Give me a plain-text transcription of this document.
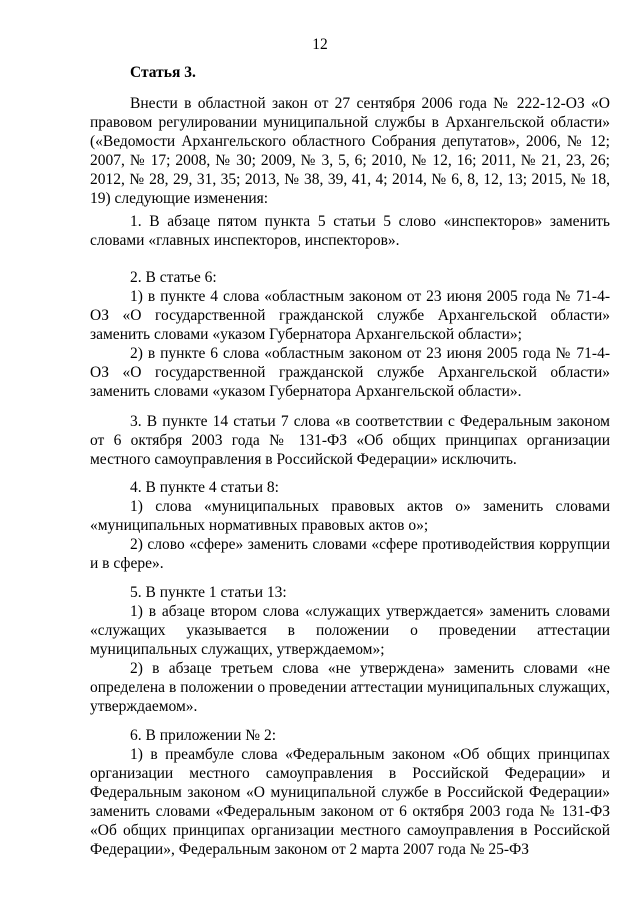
12
Статья 3.

Внести в областной закон от 27 сентября 2006 года № 222-12-ОЗ «О правовом регулировании муниципальной службы в Архангельской области» («Ведомости Архангельского областного Собрания депутатов», 2006, № 12; 2007, № 17; 2008, № 30; 2009, № 3, 5, 6; 2010, № 12, 16; 2011, № 21, 23, 26; 2012, № 28, 29, 31, 35; 2013, № 38, 39, 41, 4; 2014, № 6, 8, 12, 13; 2015, № 18, 19) следующие изменения:

1. В абзаце пятом пункта 5 статьи 5 слово «инспекторов» заменить словами «главных инспекторов, инспекторов».

2. В статье 6:

1) в пункте 4 слова «областным законом от 23 июня 2005 года № 71-4-ОЗ «О государственной гражданской службе Архангельской области» заменить словами «указом Губернатора Архангельской области»;

2) в пункте 6 слова «областным законом от 23 июня 2005 года № 71-4-ОЗ «О государственной гражданской службе Архангельской области» заменить словами «указом Губернатора Архангельской области».

3. В пункте 14 статьи 7 слова «в соответствии с Федеральным законом от 6 октября 2003 года № 131-ФЗ «Об общих принципах организации местного самоуправления в Российской Федерации» исключить.

4. В пункте 4 статьи 8:

1) слова «муниципальных правовых актов о» заменить словами «муниципальных нормативных правовых актов о»;

2) слово «сфере» заменить словами «сфере противодействия коррупции и в сфере».

5. В пункте 1 статьи 13:

1) в абзаце втором слова «служащих утверждается» заменить словами «служащих указывается в положении о проведении аттестации муниципальных служащих, утверждаемом»;

2) в абзаце третьем слова «не утверждена» заменить словами «не определена в положении о проведении аттестации муниципальных служащих, утверждаемом».

6. В приложении № 2:

1) в преамбуле слова «Федеральным законом «Об общих принципах организации местного самоуправления в Российской Федерации» и Федеральным законом «О муниципальной службе в Российской Федерации» заменить словами «Федеральным законом от 6 октября 2003 года № 131-ФЗ «Об общих принципах организации местного самоуправления в Российской Федерации», Федеральным законом от 2 марта 2007 года № 25-ФЗ
